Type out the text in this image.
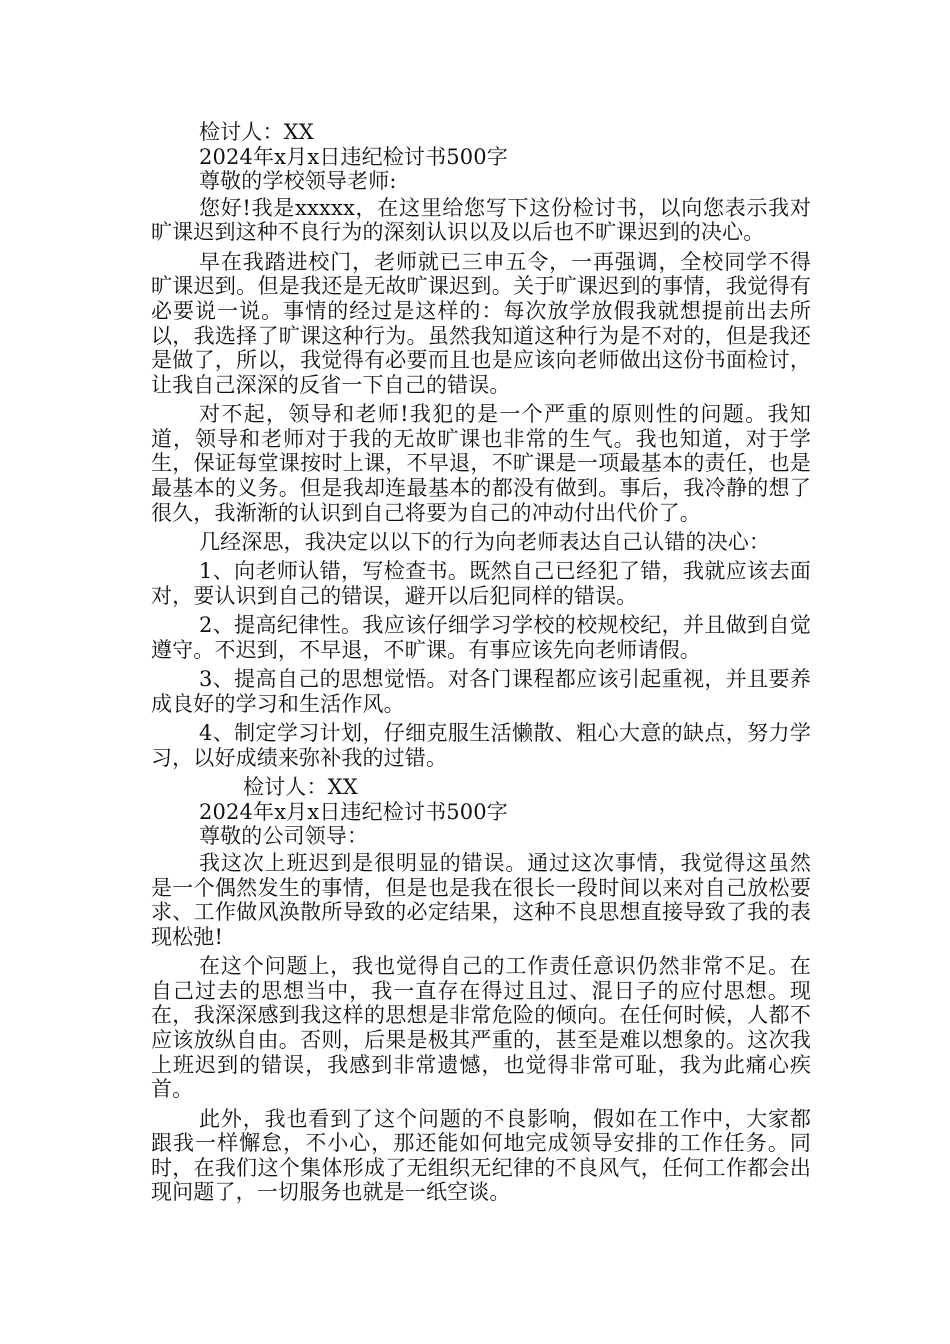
检讨人：XX
2024年x月x日违纪检讨书500字
尊敬的学校领导老师:

您好!我是xxxxx，在这里给您写下这份检讨书，以向您表示我对旷课迟到这种不良行为的深刻认识以及以后也不旷课迟到的决心。

早在我踏进校门，老师就已三申五令，一再强调，全校同学不得旷课迟到。但是我还是无故旷课迟到。关于旷课迟到的事情，我觉得有必要说一说。事情的经过是这样的：每次放学放假我就想提前出去所以，我选择了旷课这种行为。虽然我知道这种行为是不对的，但是我还是做了，所以，我觉得有必要而且也是应该向老师做出这份书面检讨，让我自己深深的反省一下自己的错误。

对不起，领导和老师!我犯的是一个严重的原则性的问题。我知道，领导和老师对于我的无故旷课也非常的生气。我也知道，对于学生，保证每堂课按时上课，不早退，不旷课是一项最基本的责任，也是最基本的义务。但是我却连最基本的都没有做到。事后，我冷静的想了很久，我渐渐的认识到自己将要为自己的冲动付出代价了。

几经深思，我决定以以下的行为向老师表达自己认错的决心：

1、向老师认错，写检查书。既然自己已经犯了错，我就应该去面对，要认识到自己的错误，避开以后犯同样的错误。

2、提高纪律性。我应该仔细学习学校的校规校纪，并且做到自觉遵守。不迟到，不早退，不旷课。有事应该先向老师请假。

3、提高自己的思想觉悟。对各门课程都应该引起重视，并且要养成良好的学习和生活作风。

4、制定学习计划，仔细克服生活懒散、粗心大意的缺点，努力学习，以好成绩来弥补我的过错。

检讨人：XX
2024年x月x日违纪检讨书500字
尊敬的公司领导：

我这次上班迟到是很明显的错误。通过这次事情，我觉得这虽然是一个偶然发生的事情，但是也是我在很长一段时间以来对自己放松要求、工作做风涣散所导致的必定结果，这种不良思想直接导致了我的表现松弛!

在这个问题上，我也觉得自己的工作责任意识仍然非常不足。在自己过去的思想当中，我一直存在得过且过、混日子的应付思想。现在，我深深感到我这样的思想是非常危险的倾向。在任何时候，人都不应该放纵自由。否则，后果是极其严重的，甚至是难以想象的。这次我上班迟到的错误，我感到非常遗憾，也觉得非常可耻，我为此痛心疾首。

此外，我也看到了这个问题的不良影响，假如在工作中，大家都跟我一样懈怠，不小心，那还能如何地完成领导安排的工作任务。同时，在我们这个集体形成了无组织无纪律的不良风气，任何工作都会出现问题了，一切服务也就是一纸空谈。
